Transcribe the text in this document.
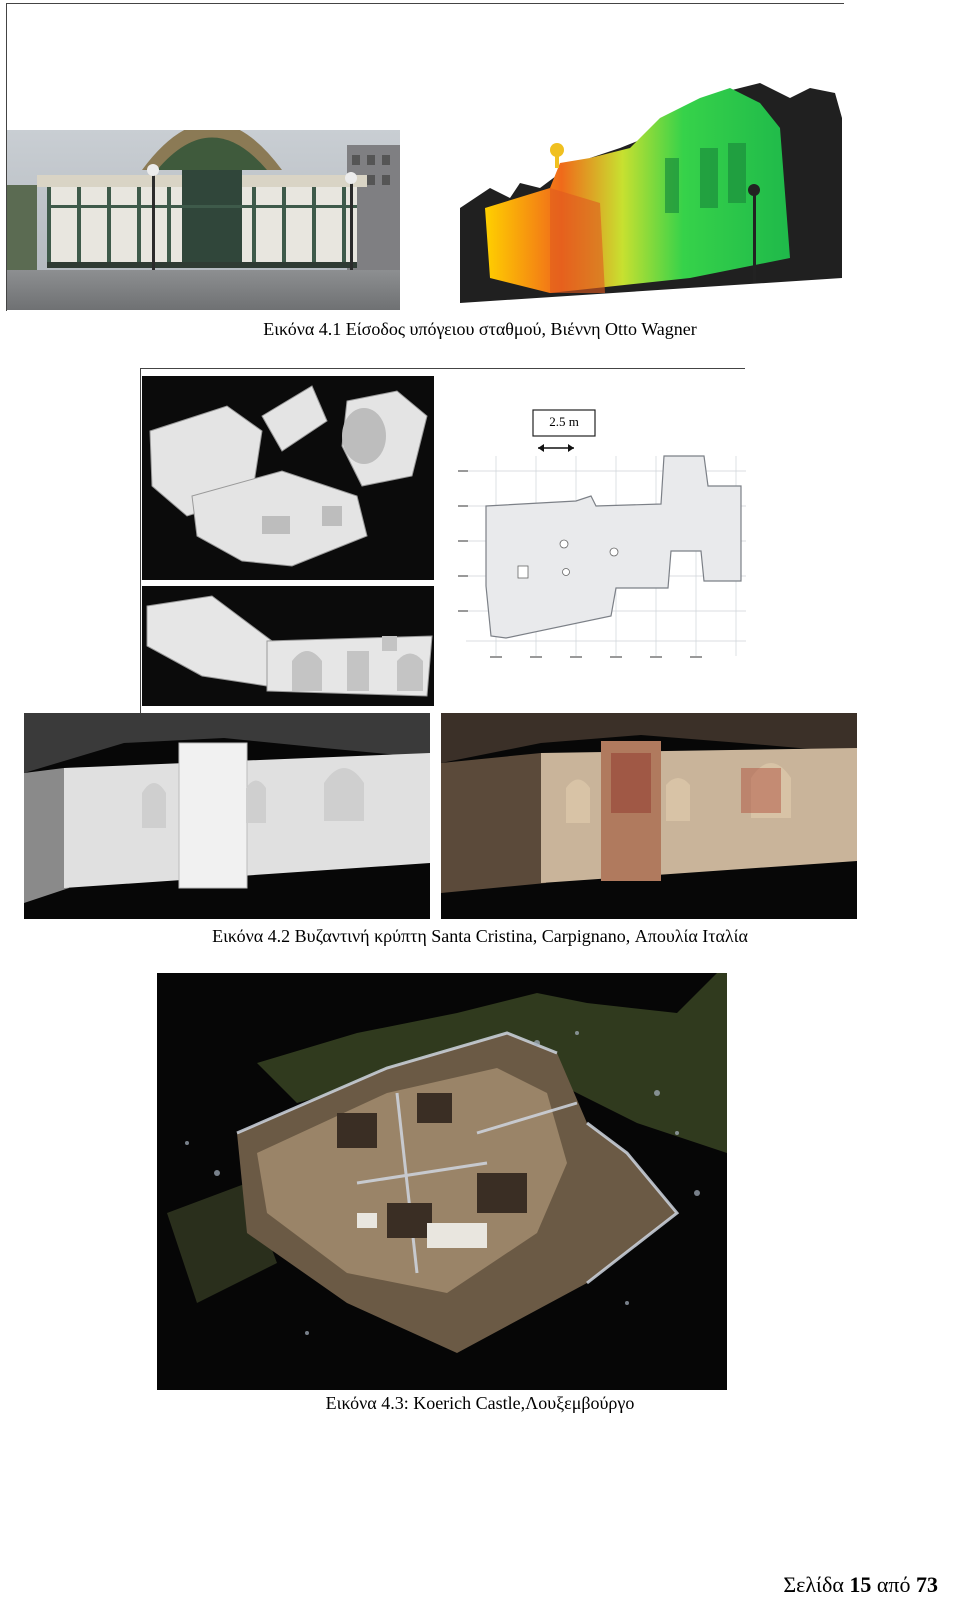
Εικόνα 4.1 Είσοδος υπόγειου σταθμού, Βιέννη Otto Wagner
2.5 m
Εικόνα 4.2 Βυζαντινή κρύπτη Santa Cristina, Carpignano, Απουλία Ιταλία
Εικόνα 4.3: Koerich Castle,Λουξεμβούργο
Σελίδα 15 από 73
